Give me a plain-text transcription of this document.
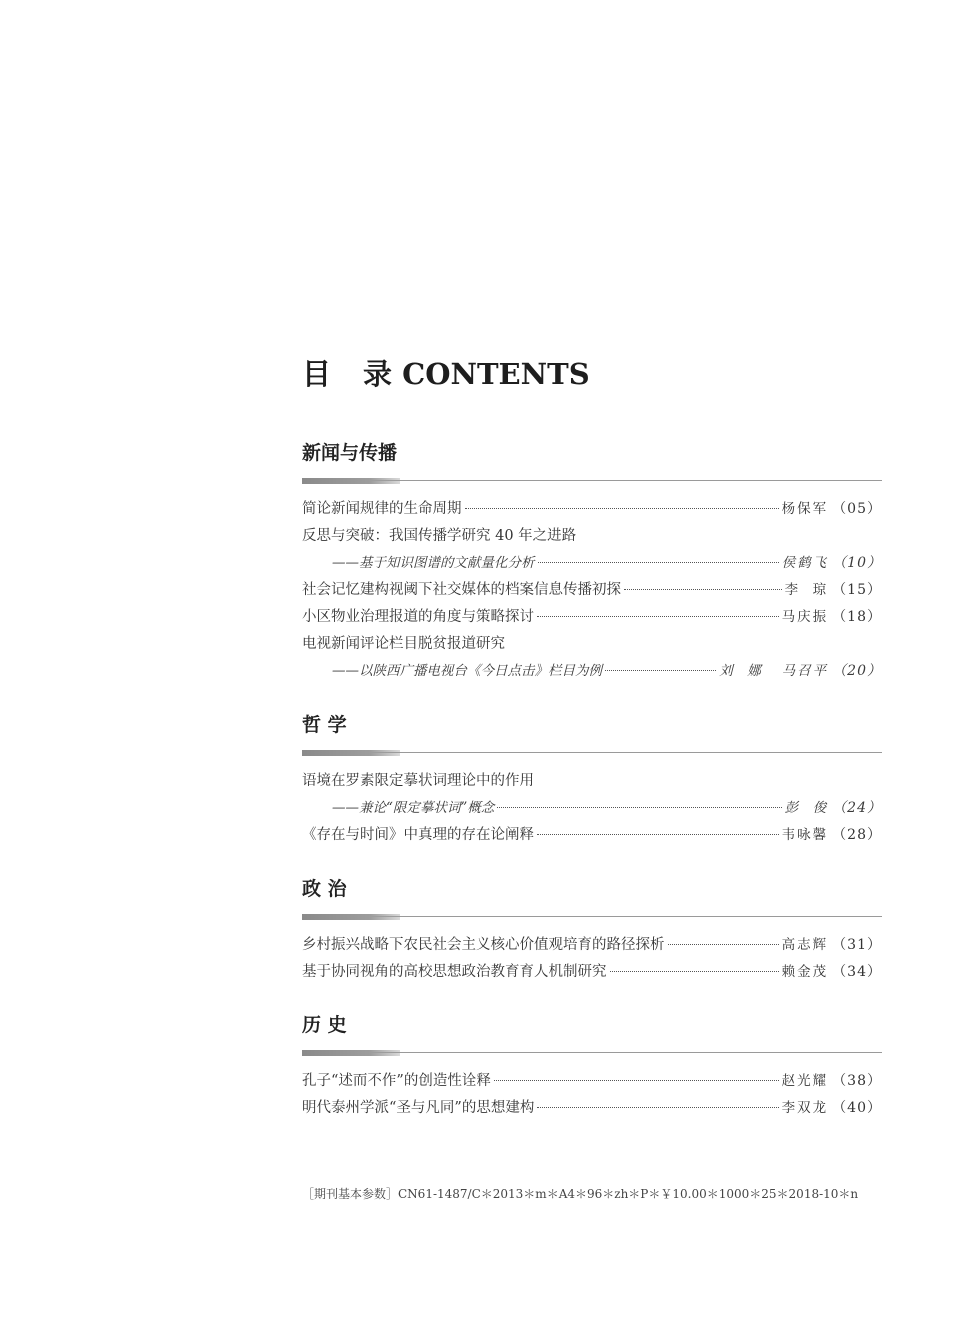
目 录 CONTENTS
新闻与传播
简论新闻规律的生命周期	杨保军 （05）
反思与突破：我国传播学研究 40 年之进路
——基于知识图谱的文献量化分析	侯鹤飞 （10）
社会记忆建构视阈下社交媒体的档案信息传播初探	李  琼 （15）
小区物业治理报道的角度与策略探讨	马庆振 （18）
电视新闻评论栏目脱贫报道研究
——以陕西广播电视台《今日点击》栏目为例	刘  娜   马召平 （20）
哲 学
语境在罗素限定摹状词理论中的作用
——兼论“限定摹状词”概念	彭  俊 （24）
《存在与时间》中真理的存在论阐释	韦咏馨 （28）
政 治
乡村振兴战略下农民社会主义核心价值观培育的路径探析	高志辉 （31）
基于协同视角的高校思想政治教育育人机制研究	赖金茂 （34）
历 史
孔子“述而不作”的创造性诠释	赵光耀 （38）
明代泰州学派“圣与凡同”的思想建构	李双龙 （40）
［期刊基本参数］CN61-1487/C＊2013＊m＊A4＊96＊zh＊P＊￥10.00＊1000＊25＊2018-10＊n
